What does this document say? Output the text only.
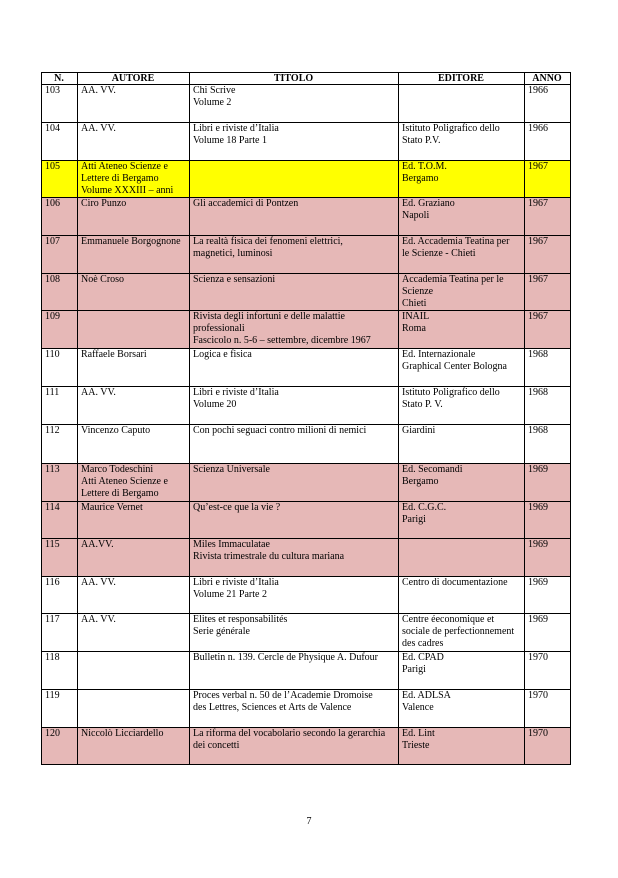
N.	AUTORE	TITOLO	EDITORE	ANNO
103	AA. VV.	Chi Scrive
Volume 2		1966
104	AA. VV.	Libri e riviste d’Italia
Volume 18 Parte 1	Istituto Poligrafico dello
Stato P.V.	1966
105	Atti Ateneo Scienze e
Lettere di Bergamo
Volume XXXIII – anni		Ed. T.O.M.
Bergamo	1967
106	Ciro Punzo	Gli accademici di Pontzen	Ed. Graziano
Napoli	1967
107	Emmanuele Borgognone	La realtà fisica dei fenomeni elettrici,
magnetici, luminosi	Ed. Accademia Teatina per
le Scienze - Chieti	1967
108	Noè Croso	Scienza e sensazioni	Accademia Teatina per le
Scienze
Chieti	1967
109		Rivista degli infortuni e delle malattie
professionali
Fascicolo n. 5-6 – settembre, dicembre 1967	INAIL
Roma	1967
110	Raffaele Borsari	Logica e fisica	Ed. Internazionale
Graphical Center Bologna	1968
111	AA. VV.	Libri e riviste d’Italia
Volume 20	Istituto Poligrafico dello
Stato P. V.	1968
112	Vincenzo Caputo	Con pochi seguaci contro milioni di nemici	Giardini	1968
113	Marco Todeschini
Atti Ateneo Scienze e
Lettere di Bergamo	Scienza Universale	Ed. Secomandi
Bergamo	1969
114	Maurice Vernet	Qu’est-ce que la vie ?	Ed. C.G.C.
Parigi	1969
115	AA.VV.	Miles Immaculatae
Rivista trimestrale du cultura mariana		1969
116	AA. VV.	Libri e riviste d’Italia
Volume 21 Parte 2	Centro di documentazione	1969
117	AA. VV.	Elites et responsabilités
Serie générale	Centre éeconomique et
sociale de perfectionnement
des cadres	1969
118		Bulletin n. 139. Cercle de Physique A. Dufour	Ed. CPAD
Parigi	1970
119		Proces verbal n. 50 de l’Academie Dromoise
des Lettres, Sciences et Arts de Valence	Ed. ADLSA
Valence	1970
120	Niccolò Licciardello	La riforma del vocabolario secondo la gerarchia
dei concetti	Ed. Lint
Trieste	1970
7
